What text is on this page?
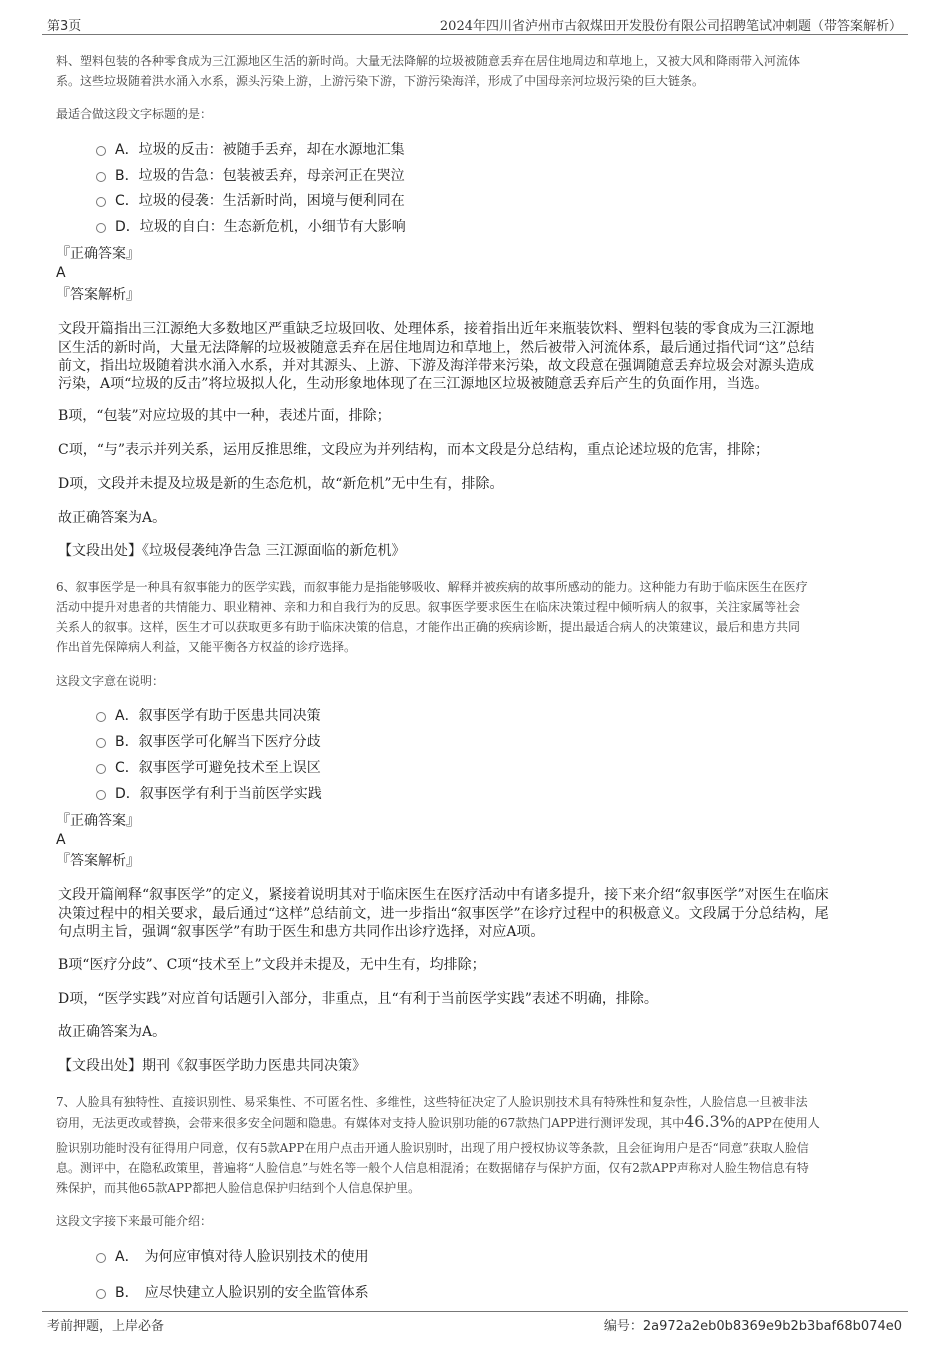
第3页	2024年四川省泸州市古叙煤田开发股份有限公司招聘笔试冲刺题（带答案解析）
料、塑料包装的各种零食成为三江源地区生活的新时尚。大量无法降解的垃圾被随意丢弃在居住地周边和草地上，又被大风和降雨带入河流体
系。这些垃圾随着洪水涌入水系，源头污染上游，上游污染下游，下游污染海洋，形成了中国母亲河垃圾污染的巨大链条。
最适合做这段文字标题的是：
A．垃圾的反击：被随手丢弃，却在水源地汇集
B．垃圾的告急：包装被丢弃，母亲河正在哭泣
C．垃圾的侵袭：生活新时尚，困境与便利同在
D．垃圾的自白：生态新危机，小细节有大影响
『正确答案』
A
『答案解析』
文段开篇指出三江源绝大多数地区严重缺乏垃圾回收、处理体系，接着指出近年来瓶装饮料、塑料包装的零食成为三江源地
区生活的新时尚，大量无法降解的垃圾被随意丢弃在居住地周边和草地上，然后被带入河流体系，最后通过指代词“这”总结
前文，指出垃圾随着洪水涌入水系，并对其源头、上游、下游及海洋带来污染，故文段意在强调随意丢弃垃圾会对源头造成
污染，A项“垃圾的反击”将垃圾拟人化，生动形象地体现了在三江源地区垃圾被随意丢弃后产生的负面作用，当选。
B项，“包装”对应垃圾的其中一种，表述片面，排除；
C项，“与”表示并列关系，运用反推思维，文段应为并列结构，而本文段是分总结构，重点论述垃圾的危害，排除；
D项，文段并未提及垃圾是新的生态危机，故“新危机”无中生有，排除。
故正确答案为A。
【文段出处】《垃圾侵袭纯净告急 三江源面临的新危机》
6、叙事医学是一种具有叙事能力的医学实践，而叙事能力是指能够吸收、解释并被疾病的故事所感动的能力。这种能力有助于临床医生在医疗
活动中提升对患者的共情能力、职业精神、亲和力和自我行为的反思。叙事医学要求医生在临床决策过程中倾听病人的叙事，关注家属等社会
关系人的叙事。这样，医生才可以获取更多有助于临床决策的信息，才能作出正确的疾病诊断，提出最适合病人的决策建议，最后和患方共同
作出首先保障病人利益，又能平衡各方权益的诊疗选择。
这段文字意在说明：
A．叙事医学有助于医患共同决策
B．叙事医学可化解当下医疗分歧
C．叙事医学可避免技术至上误区
D．叙事医学有利于当前医学实践
『正确答案』
A
『答案解析』
文段开篇阐释“叙事医学”的定义，紧接着说明其对于临床医生在医疗活动中有诸多提升，接下来介绍“叙事医学”对医生在临床
决策过程中的相关要求，最后通过“这样”总结前文，进一步指出“叙事医学”在诊疗过程中的积极意义。文段属于分总结构，尾
句点明主旨，强调“叙事医学”有助于医生和患方共同作出诊疗选择，对应A项。
B项“医疗分歧”、C项“技术至上”文段并未提及，无中生有，均排除；
D项，“医学实践”对应首句话题引入部分，非重点，且“有利于当前医学实践”表述不明确，排除。
故正确答案为A。
【文段出处】期刊《叙事医学助力医患共同决策》
7、人脸具有独特性、直接识别性、易采集性、不可匿名性、多维性，这些特征决定了人脸识别技术具有特殊性和复杂性，人脸信息一旦被非法
窃用，无法更改或替换，会带来很多安全问题和隐患。有媒体对支持人脸识别功能的67款热门APP进行测评发现，其中46.3%的APP在使用人
脸识别功能时没有征得用户同意，仅有5款APP在用户点击开通人脸识别时，出现了用户授权协议等条款，且会征询用户是否“同意”获取人脸信
息。测评中，在隐私政策里，普遍将“人脸信息”与姓名等一般个人信息相混淆；在数据储存与保护方面，仅有2款APP声称对人脸生物信息有特
殊保护，而其他65款APP都把人脸信息保护归结到个人信息保护里。
这段文字接下来最可能介绍：
A． 为何应审慎对待人脸识别技术的使用
B． 应尽快建立人脸识别的安全监管体系
考前押题，上岸必备	编号：2a972a2eb0b8369e9b2b3baf68b074e0
